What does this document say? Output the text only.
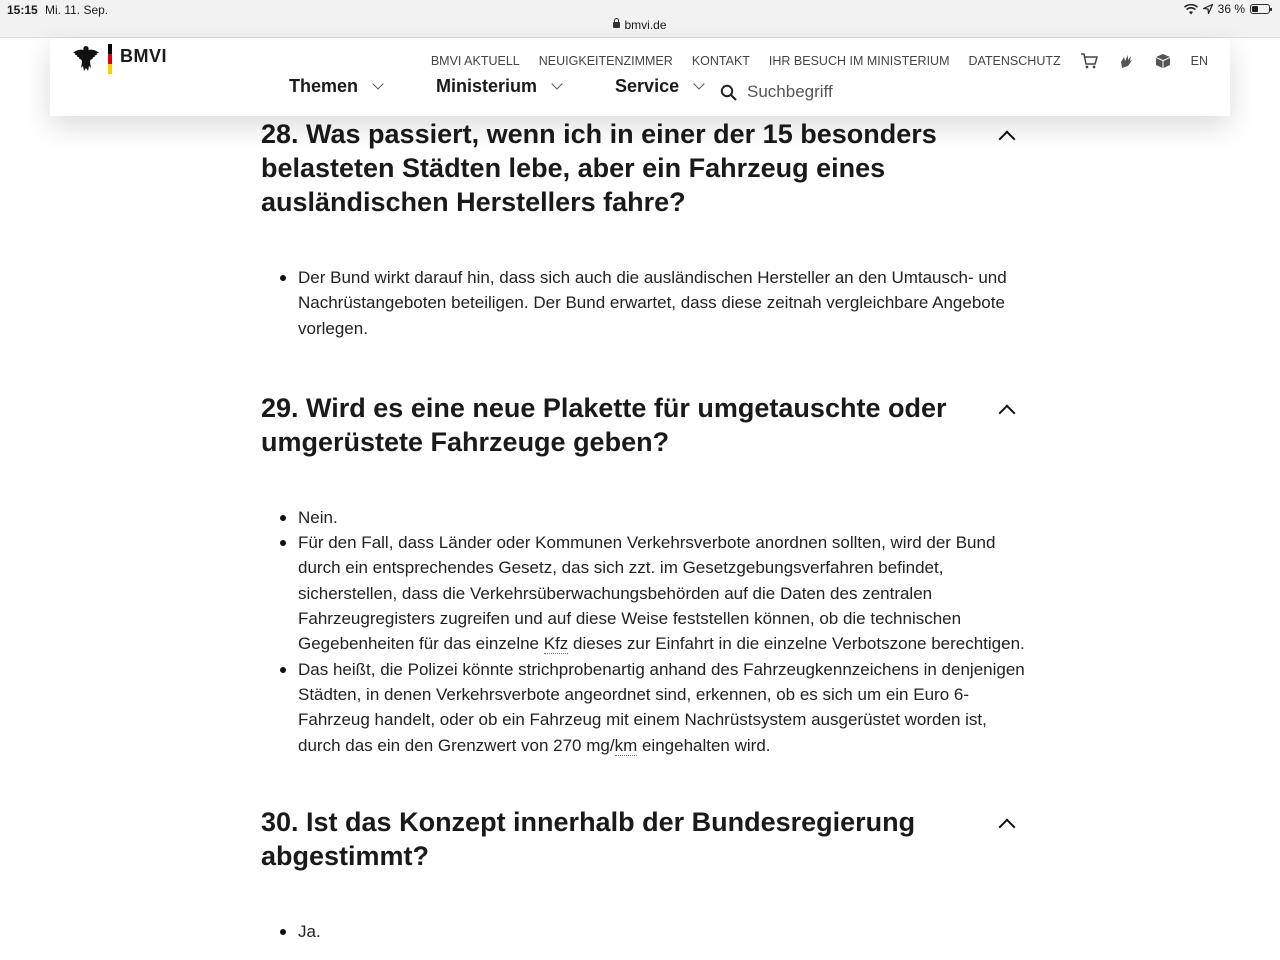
15:15 Mi. 11. Sep.
bmvi.de
36 %
BMVI	BMVI AKTUELL NEUIGKEITENZIMMER KONTAKT IHR BESUCH IM MINISTERIUM DATENSCHUTZ	EN
Themen	Ministerium	Service
Suchbegriff
28. Was passiert, wenn ich in einer der 15 besonders belasteten Städten lebe, aber ein Fahrzeug eines ausländischen Herstellers fahre?
Der Bund wirkt darauf hin, dass sich auch die ausländischen Hersteller an den Umtausch- und Nachrüstangeboten beteiligen. Der Bund erwartet, dass diese zeitnah vergleichbare Angebote vorlegen.
29. Wird es eine neue Plakette für umgetauschte oder umgerüstete Fahrzeuge geben?
Nein.
Für den Fall, dass Länder oder Kommunen Verkehrsverbote anordnen sollten, wird der Bund durch ein entsprechendes Gesetz, das sich zzt. im Gesetzgebungsverfahren befindet, sicherstellen, dass die Verkehrsüberwachungsbehörden auf die Daten des zentralen Fahrzeugregisters zugreifen und auf diese Weise feststellen können, ob die technischen Gegebenheiten für das einzelne Kfz dieses zur Einfahrt in die einzelne Verbotszone berechtigen.
Das heißt, die Polizei könnte strichprobenartig anhand des Fahrzeugkennzeichens in denjenigen Städten, in denen Verkehrsverbote angeordnet sind, erkennen, ob es sich um ein Euro 6-Fahrzeug handelt, oder ob ein Fahrzeug mit einem Nachrüstsystem ausgerüstet worden ist, durch das ein den Grenzwert von 270 mg/km eingehalten wird.
30. Ist das Konzept innerhalb der Bundesregierung abgestimmt?
Ja.
